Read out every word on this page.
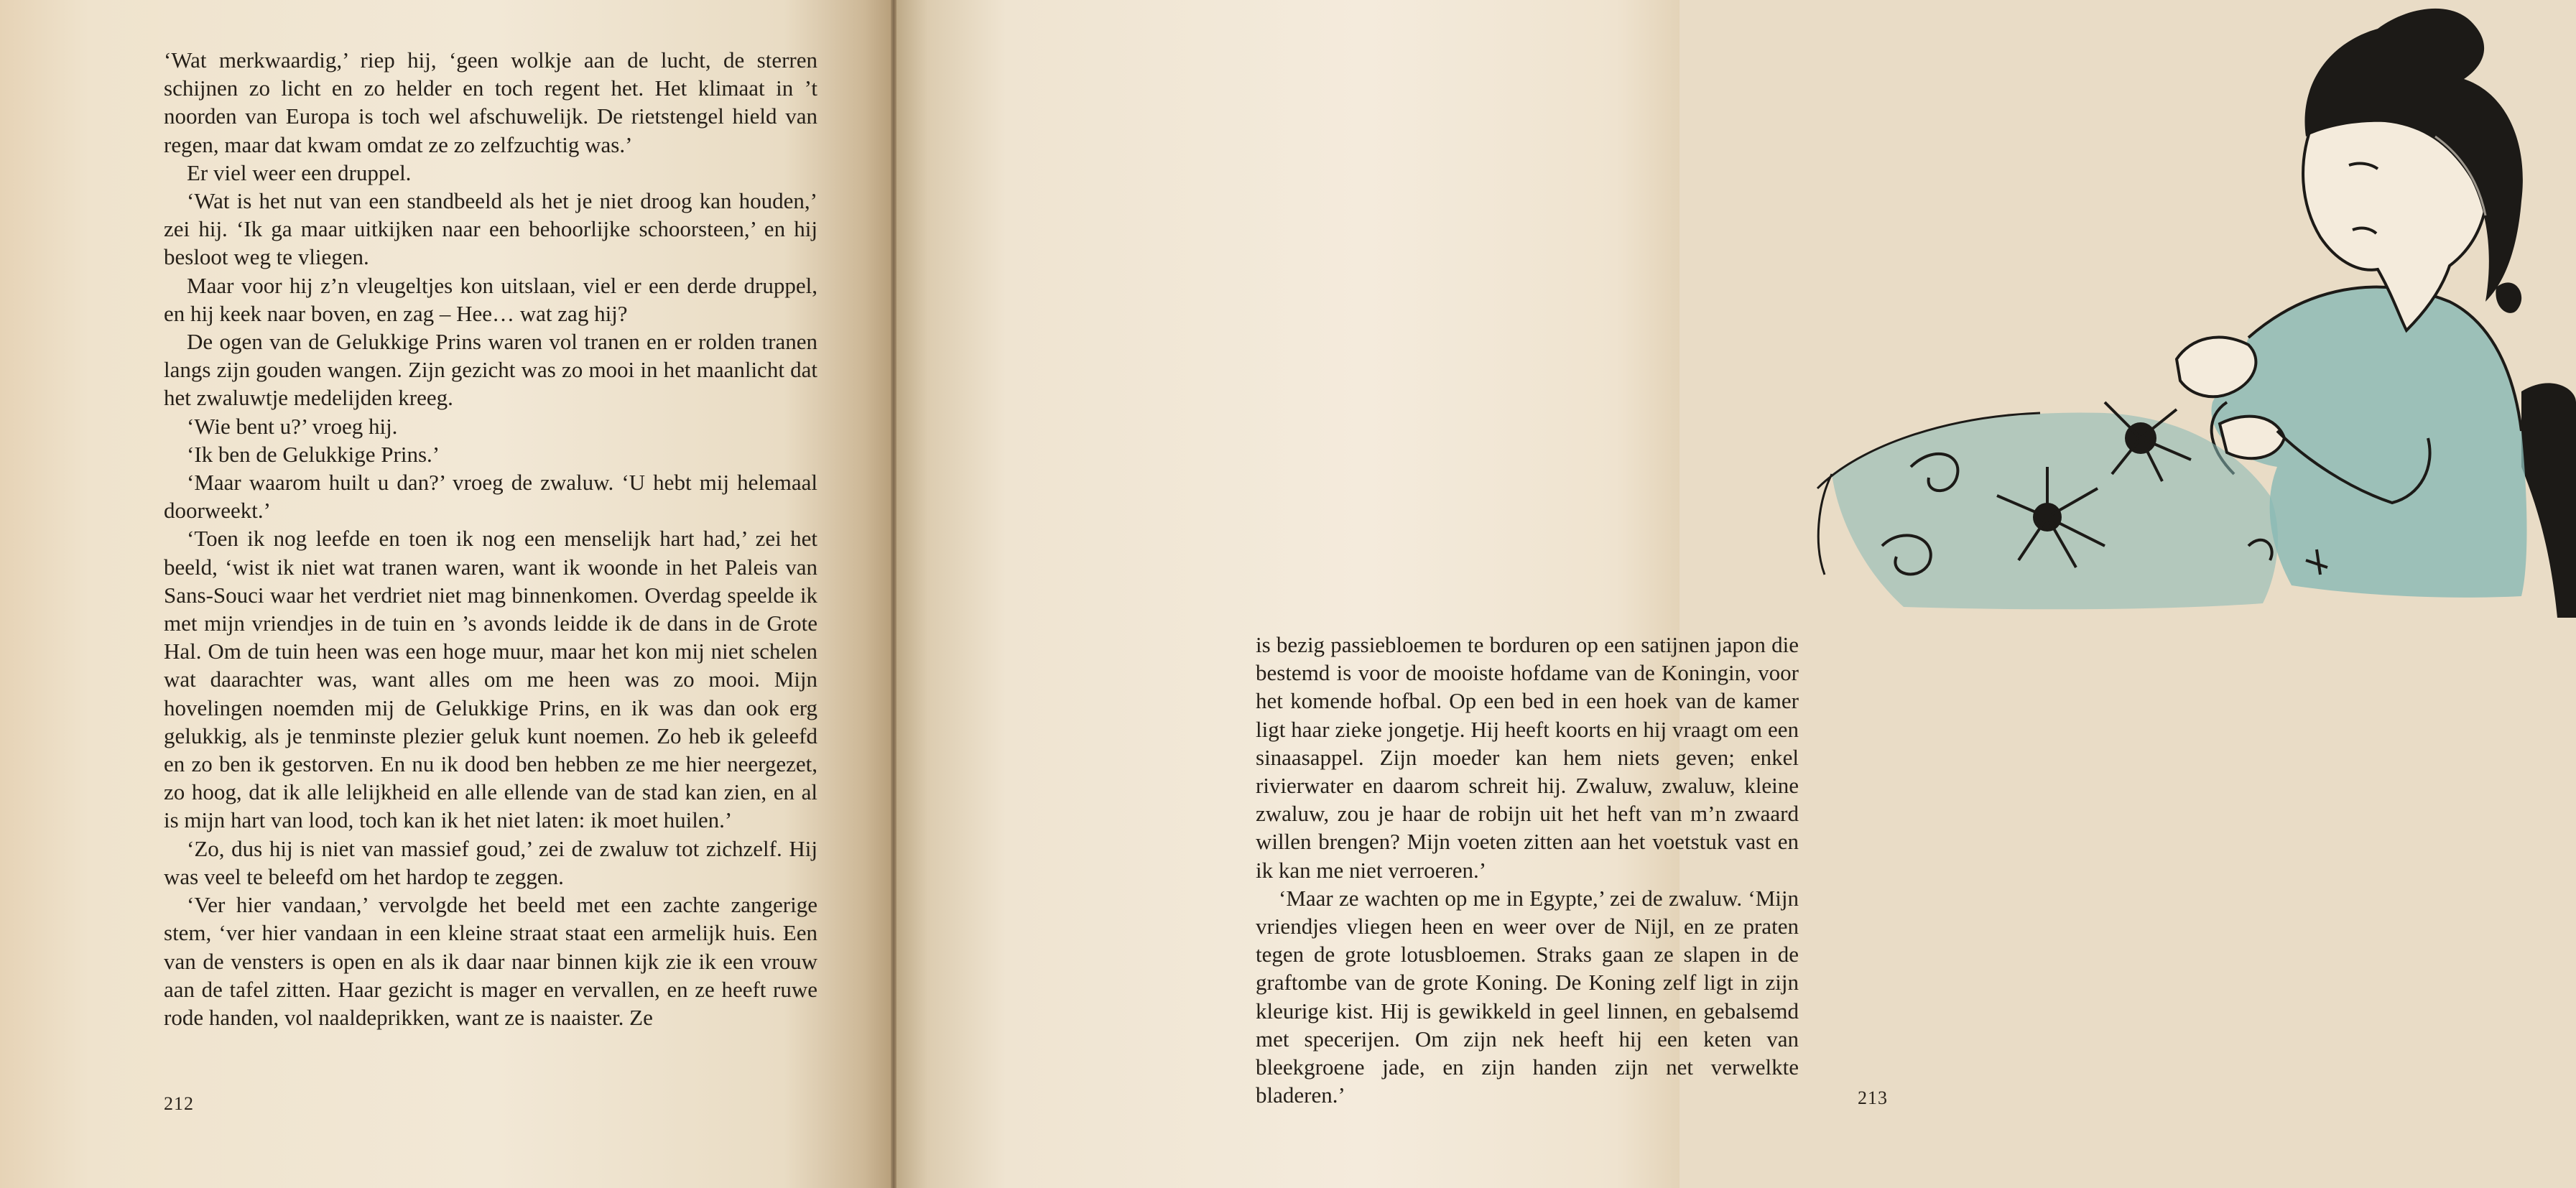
‘Wat merkwaardig,’ riep hij, ‘geen wolkje aan de lucht, de sterren schijnen zo licht en zo helder en toch regent het. Het klimaat in ’t noorden van Europa is toch wel afschuwelijk. De rietstengel hield van regen, maar dat kwam omdat ze zo zelfzuchtig was.’

Er viel weer een druppel.

‘Wat is het nut van een standbeeld als het je niet droog kan houden,’ zei hij. ‘Ik ga maar uitkijken naar een behoorlijke schoorsteen,’ en hij besloot weg te vliegen.

Maar voor hij z’n vleugeltjes kon uitslaan, viel er een derde druppel, en hij keek naar boven, en zag – Hee… wat zag hij?

De ogen van de Gelukkige Prins waren vol tranen en er rolden tranen langs zijn gouden wangen. Zijn gezicht was zo mooi in het maanlicht dat het zwaluwtje medelijden kreeg.

‘Wie bent u?’ vroeg hij.

‘Ik ben de Gelukkige Prins.’

‘Maar waarom huilt u dan?’ vroeg de zwaluw. ‘U hebt mij helemaal doorweekt.’

‘Toen ik nog leefde en toen ik nog een menselijk hart had,’ zei het beeld, ‘wist ik niet wat tranen waren, want ik woonde in het Paleis van Sans-Souci waar het verdriet niet mag binnenkomen. Overdag speelde ik met mijn vriendjes in de tuin en ’s avonds leidde ik de dans in de Grote Hal. Om de tuin heen was een hoge muur, maar het kon mij niet schelen wat daarachter was, want alles om me heen was zo mooi. Mijn hovelingen noemden mij de Gelukkige Prins, en ik was dan ook erg gelukkig, als je tenminste plezier geluk kunt noemen. Zo heb ik geleefd en zo ben ik gestorven. En nu ik dood ben hebben ze me hier neergezet, zo hoog, dat ik alle lelijkheid en alle ellende van de stad kan zien, en al is mijn hart van lood, toch kan ik het niet laten: ik moet huilen.’

‘Zo, dus hij is niet van massief goud,’ zei de zwaluw tot zichzelf. Hij was veel te beleefd om het hardop te zeggen.

‘Ver hier vandaan,’ vervolgde het beeld met een zachte zangerige stem, ‘ver hier vandaan in een kleine straat staat een armelijk huis. Een van de vensters is open en als ik daar naar binnen kijk zie ik een vrouw aan de tafel zitten. Haar gezicht is mager en vervallen, en ze heeft ruwe rode handen, vol naaldeprikken, want ze is naaister. Ze

212

is bezig passiebloemen te borduren op een satijnen japon die bestemd is voor de mooiste hofdame van de Koningin, voor het komende hofbal. Op een bed in een hoek van de kamer ligt haar zieke jongetje. Hij heeft koorts en hij vraagt om een sinaasappel. Zijn moeder kan hem niets geven; enkel rivierwater en daarom schreit hij. Zwaluw, zwaluw, kleine zwaluw, zou je haar de robijn uit het heft van m’n zwaard willen brengen? Mijn voeten zitten aan het voetstuk vast en ik kan me niet verroeren.’

‘Maar ze wachten op me in Egypte,’ zei de zwaluw. ‘Mijn vriendjes vliegen heen en weer over de Nijl, en ze praten tegen de grote lotusbloemen. Straks gaan ze slapen in de graftombe van de grote Koning. De Koning zelf ligt in zijn kleurige kist. Hij is gewikkeld in geel linnen, en gebalsemd met specerijen. Om zijn nek heeft hij een keten van bleekgroene jade, en zijn handen zijn net verwelkte bladeren.’	213
